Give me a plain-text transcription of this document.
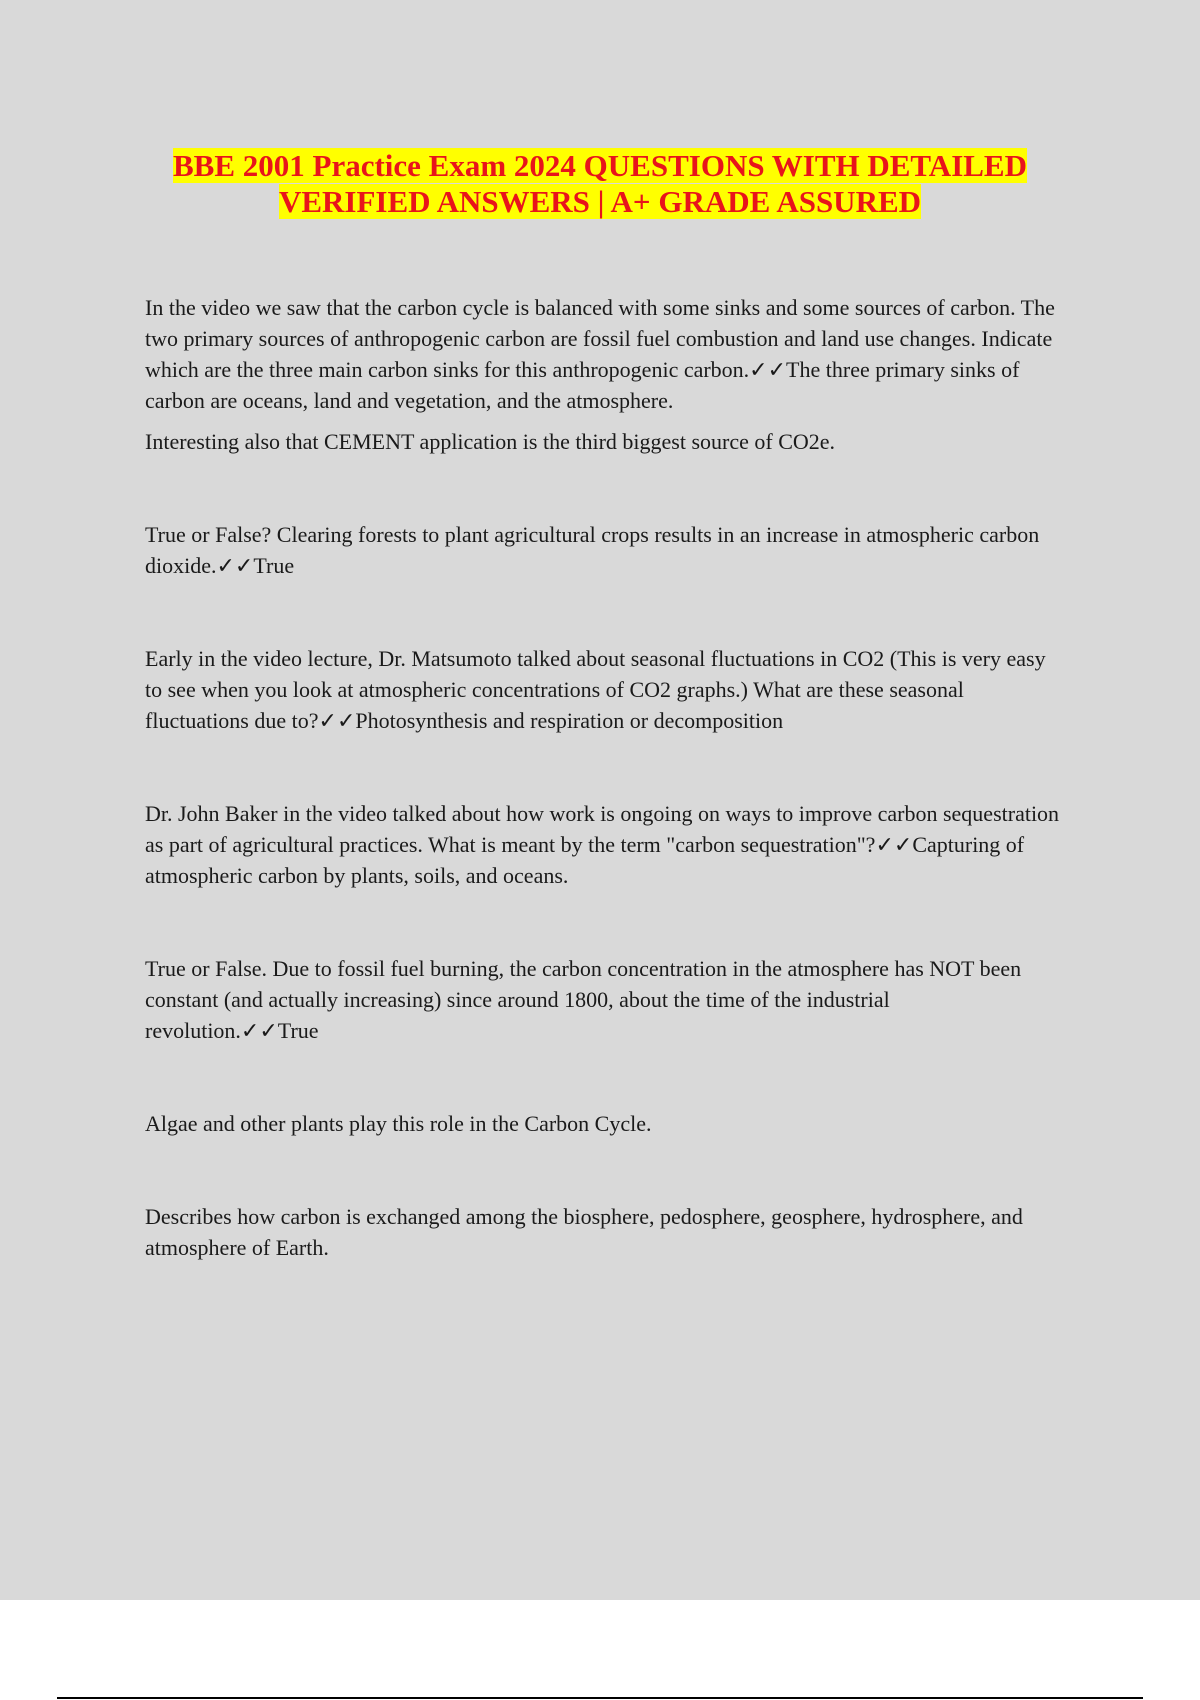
BBE 2001 Practice Exam 2024 QUESTIONS WITH DETAILED
VERIFIED ANSWERS | A+ GRADE ASSURED

In the video we saw that the carbon cycle is balanced with some sinks and some sources of carbon. The two primary sources of anthropogenic carbon are fossil fuel combustion and land use changes. Indicate which are the three main carbon sinks for this anthropogenic carbon.✓✓The three primary sinks of carbon are oceans, land and vegetation, and the atmosphere.

Interesting also that CEMENT application is the third biggest source of CO2e.

True or False? Clearing forests to plant agricultural crops results in an increase in atmospheric carbon dioxide.✓✓True

Early in the video lecture, Dr. Matsumoto talked about seasonal fluctuations in CO2 (This is very easy to see when you look at atmospheric concentrations of CO2 graphs.) What are these seasonal fluctuations due to?✓✓Photosynthesis and respiration or decomposition

Dr. John Baker in the video talked about how work is ongoing on ways to improve carbon sequestration as part of agricultural practices. What is meant by the term "carbon sequestration"?✓✓Capturing of atmospheric carbon by plants, soils, and oceans.

True or False. Due to fossil fuel burning, the carbon concentration in the atmosphere has NOT been constant (and actually increasing) since around 1800, about the time of the industrial revolution.✓✓True

Algae and other plants play this role in the Carbon Cycle.

Describes how carbon is exchanged among the biosphere, pedosphere, geosphere, hydrosphere, and atmosphere of Earth.
